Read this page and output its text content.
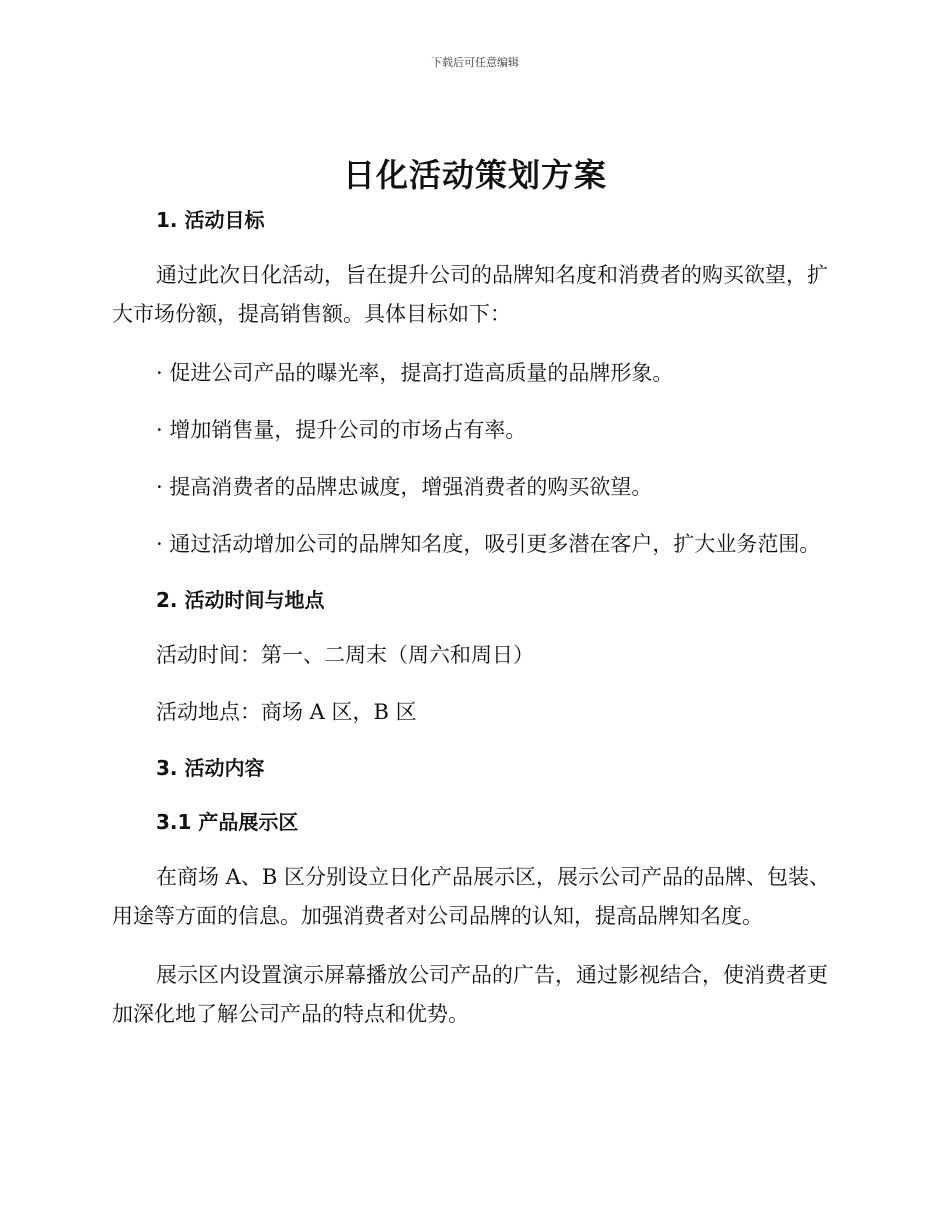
下载后可任意编辑
日化活动策划方案
1. 活动目标

通过此次日化活动，旨在提升公司的品牌知名度和消费者的购买欲望，扩大市场份额，提高销售额。具体目标如下：

· 促进公司产品的曝光率，提高打造高质量的品牌形象。

· 增加销售量，提升公司的市场占有率。

· 提高消费者的品牌忠诚度，增强消费者的购买欲望。

· 通过活动增加公司的品牌知名度，吸引更多潜在客户，扩大业务范围。

2. 活动时间与地点

活动时间：第一、二周末（周六和周日）

活动地点：商场 A 区，B 区

3. 活动内容
3.1 产品展示区

在商场 A、B 区分别设立日化产品展示区，展示公司产品的品牌、包装、用途等方面的信息。加强消费者对公司品牌的认知，提高品牌知名度。

展示区内设置演示屏幕播放公司产品的广告，通过影视结合，使消费者更加深化地了解公司产品的特点和优势。
